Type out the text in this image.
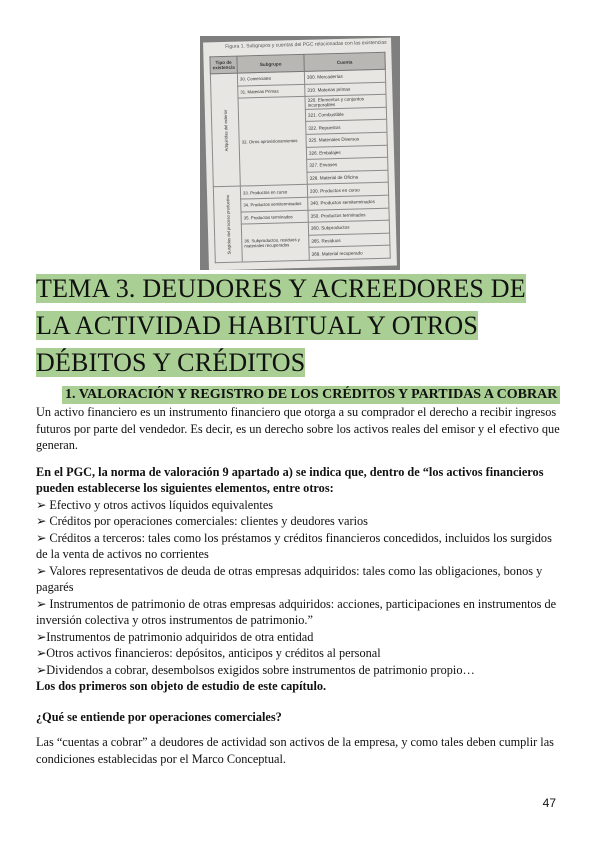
Figura 1. Subgrupos y cuentas del PGC relacionadas con las existencias
Tipo de existencia	Subgrupo	Cuenta
Adquiridas del exterior	30. Comerciales	300. Mercaderías
	31. Materias Primas	310. Materias primas
	32. Otros aprovisionamientos	320. Elementos y conjuntos incorporables
		321. Combustible
		322. Repuestos
		325. Materiales Diversos
		326. Embalajes
		327. Envases
		328. Material de Oficina
Surgidas del proceso productivo	33. Productos en curso	330. Productos en curso
	34. Productos semiterminados	340. Productos semiterminados
	35. Productos terminados	350. Productos terminados
	36. Subproductos, residuos y materiales recuperados	360. Subproductos
		365. Residuos
		368. Material recuperado
TEMA 3. DEUDORES Y ACREEDORES DE LA ACTIVIDAD HABITUAL Y OTROS DÉBITOS Y CRÉDITOS
1. VALORACIÓN Y REGISTRO DE LOS CRÉDITOS Y PARTIDAS A COBRAR

Un activo financiero es un instrumento financiero que otorga a su comprador el derecho a recibir ingresos futuros por parte del vendedor. Es decir, es un derecho sobre los activos reales del emisor y el efectivo que generan.

En el PGC, la norma de valoración 9 apartado a) se indica que, dentro de “los activos financieros pueden establecerse los siguientes elementos, entre otros:

➢ Efectivo y otros activos líquidos equivalentes

➢ Créditos por operaciones comerciales: clientes y deudores varios

➢ Créditos a terceros: tales como los préstamos y créditos financieros concedidos, incluidos los surgidos de la venta de activos no corrientes

➢ Valores representativos de deuda de otras empresas adquiridos: tales como las obligaciones, bonos y pagarés

➢ Instrumentos de patrimonio de otras empresas adquiridos: acciones, participaciones en instrumentos de inversión colectiva y otros instrumentos de patrimonio.”

➢Instrumentos de patrimonio adquiridos de otra entidad

➢Otros activos financieros: depósitos, anticipos y créditos al personal

➢Dividendos a cobrar, desembolsos exigidos sobre instrumentos de patrimonio propio…

Los dos primeros son objeto de estudio de este capítulo.

¿Qué se entiende por operaciones comerciales?

Las “cuentas a cobrar” a deudores de actividad son activos de la empresa, y como tales deben cumplir las condiciones establecidas por el Marco Conceptual.

47
